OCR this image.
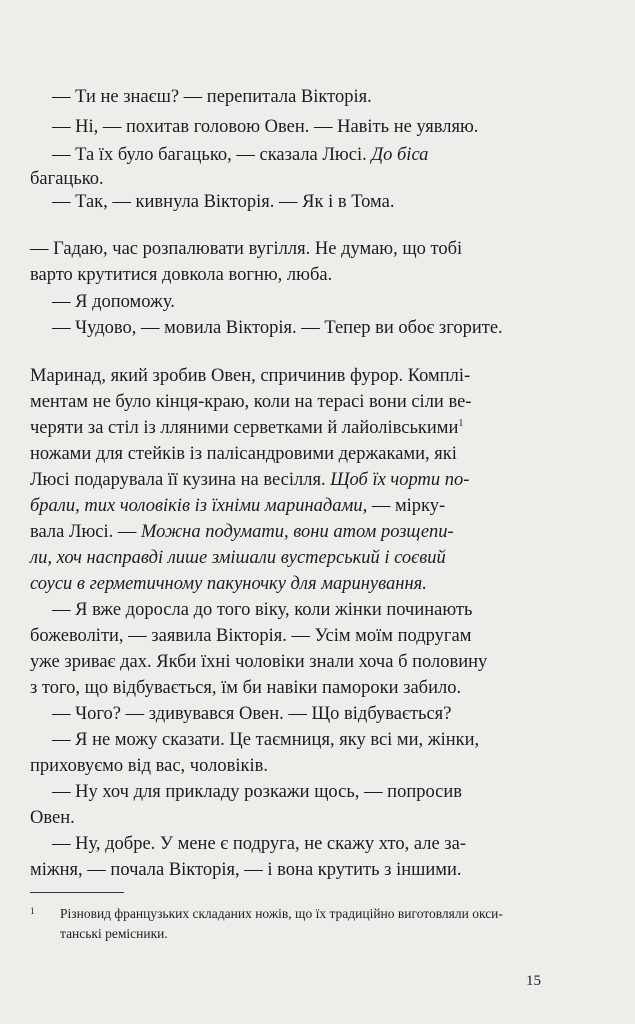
— Ти не знаєш? — перепитала Вікторія.
— Ні, — похитав головою Овен. — Навіть не уявляю.
— Та їх було багацько, — сказала Люсі. До біса
багацько.
— Так, — кивнула Вікторія. — Як і в Тома.
— Гадаю, час розпалювати вугілля. Не думаю, що тобі
варто крутитися довкола вогню, люба.
— Я допоможу.
— Чудово, — мовила Вікторія. — Тепер ви обоє згорите.
Маринад, який зробив Овен, спричинив фурор. Комплі-
ментам не було кінця-краю, коли на терасі вони сіли ве-
черяти за стіл із лляними серветками й лайолівськими$^1$
ножами для стейків із палісандровими держаками, які
Люсі подарувала її кузина на весілля. Щоб їх чорти по-
брали, тих чоловіків із їхніми маринадами, — мірку-
вала Люсі. — Можна подумати, вони атом розщепи-
ли, хоч насправді лише змішали вустерський і соєвий
соуси в герметичному пакуночку для маринування.
— Я вже доросла до того віку, коли жінки починають
божеволіти, — заявила Вікторія. — Усім моїм подругам
уже зриває дах. Якби їхні чоловіки знали хоча б половину
з того, що відбувається, їм би навіки памороки забило.
— Чого? — здивувався Овен. — Що відбувається?
— Я не можу сказати. Це таємниця, яку всі ми, жінки,
приховуємо від вас, чоловіків.
— Ну хоч для прикладу розкажи щось, — попросив
Овен.
— Ну, добре. У мене є подруга, не скажу хто, але за-
міжня, — почала Вікторія, — і вона крутить з іншими.
1 Різновид французьких складаних ножів, що їх традиційно виготовляли окси-
танські ремісники.
15
